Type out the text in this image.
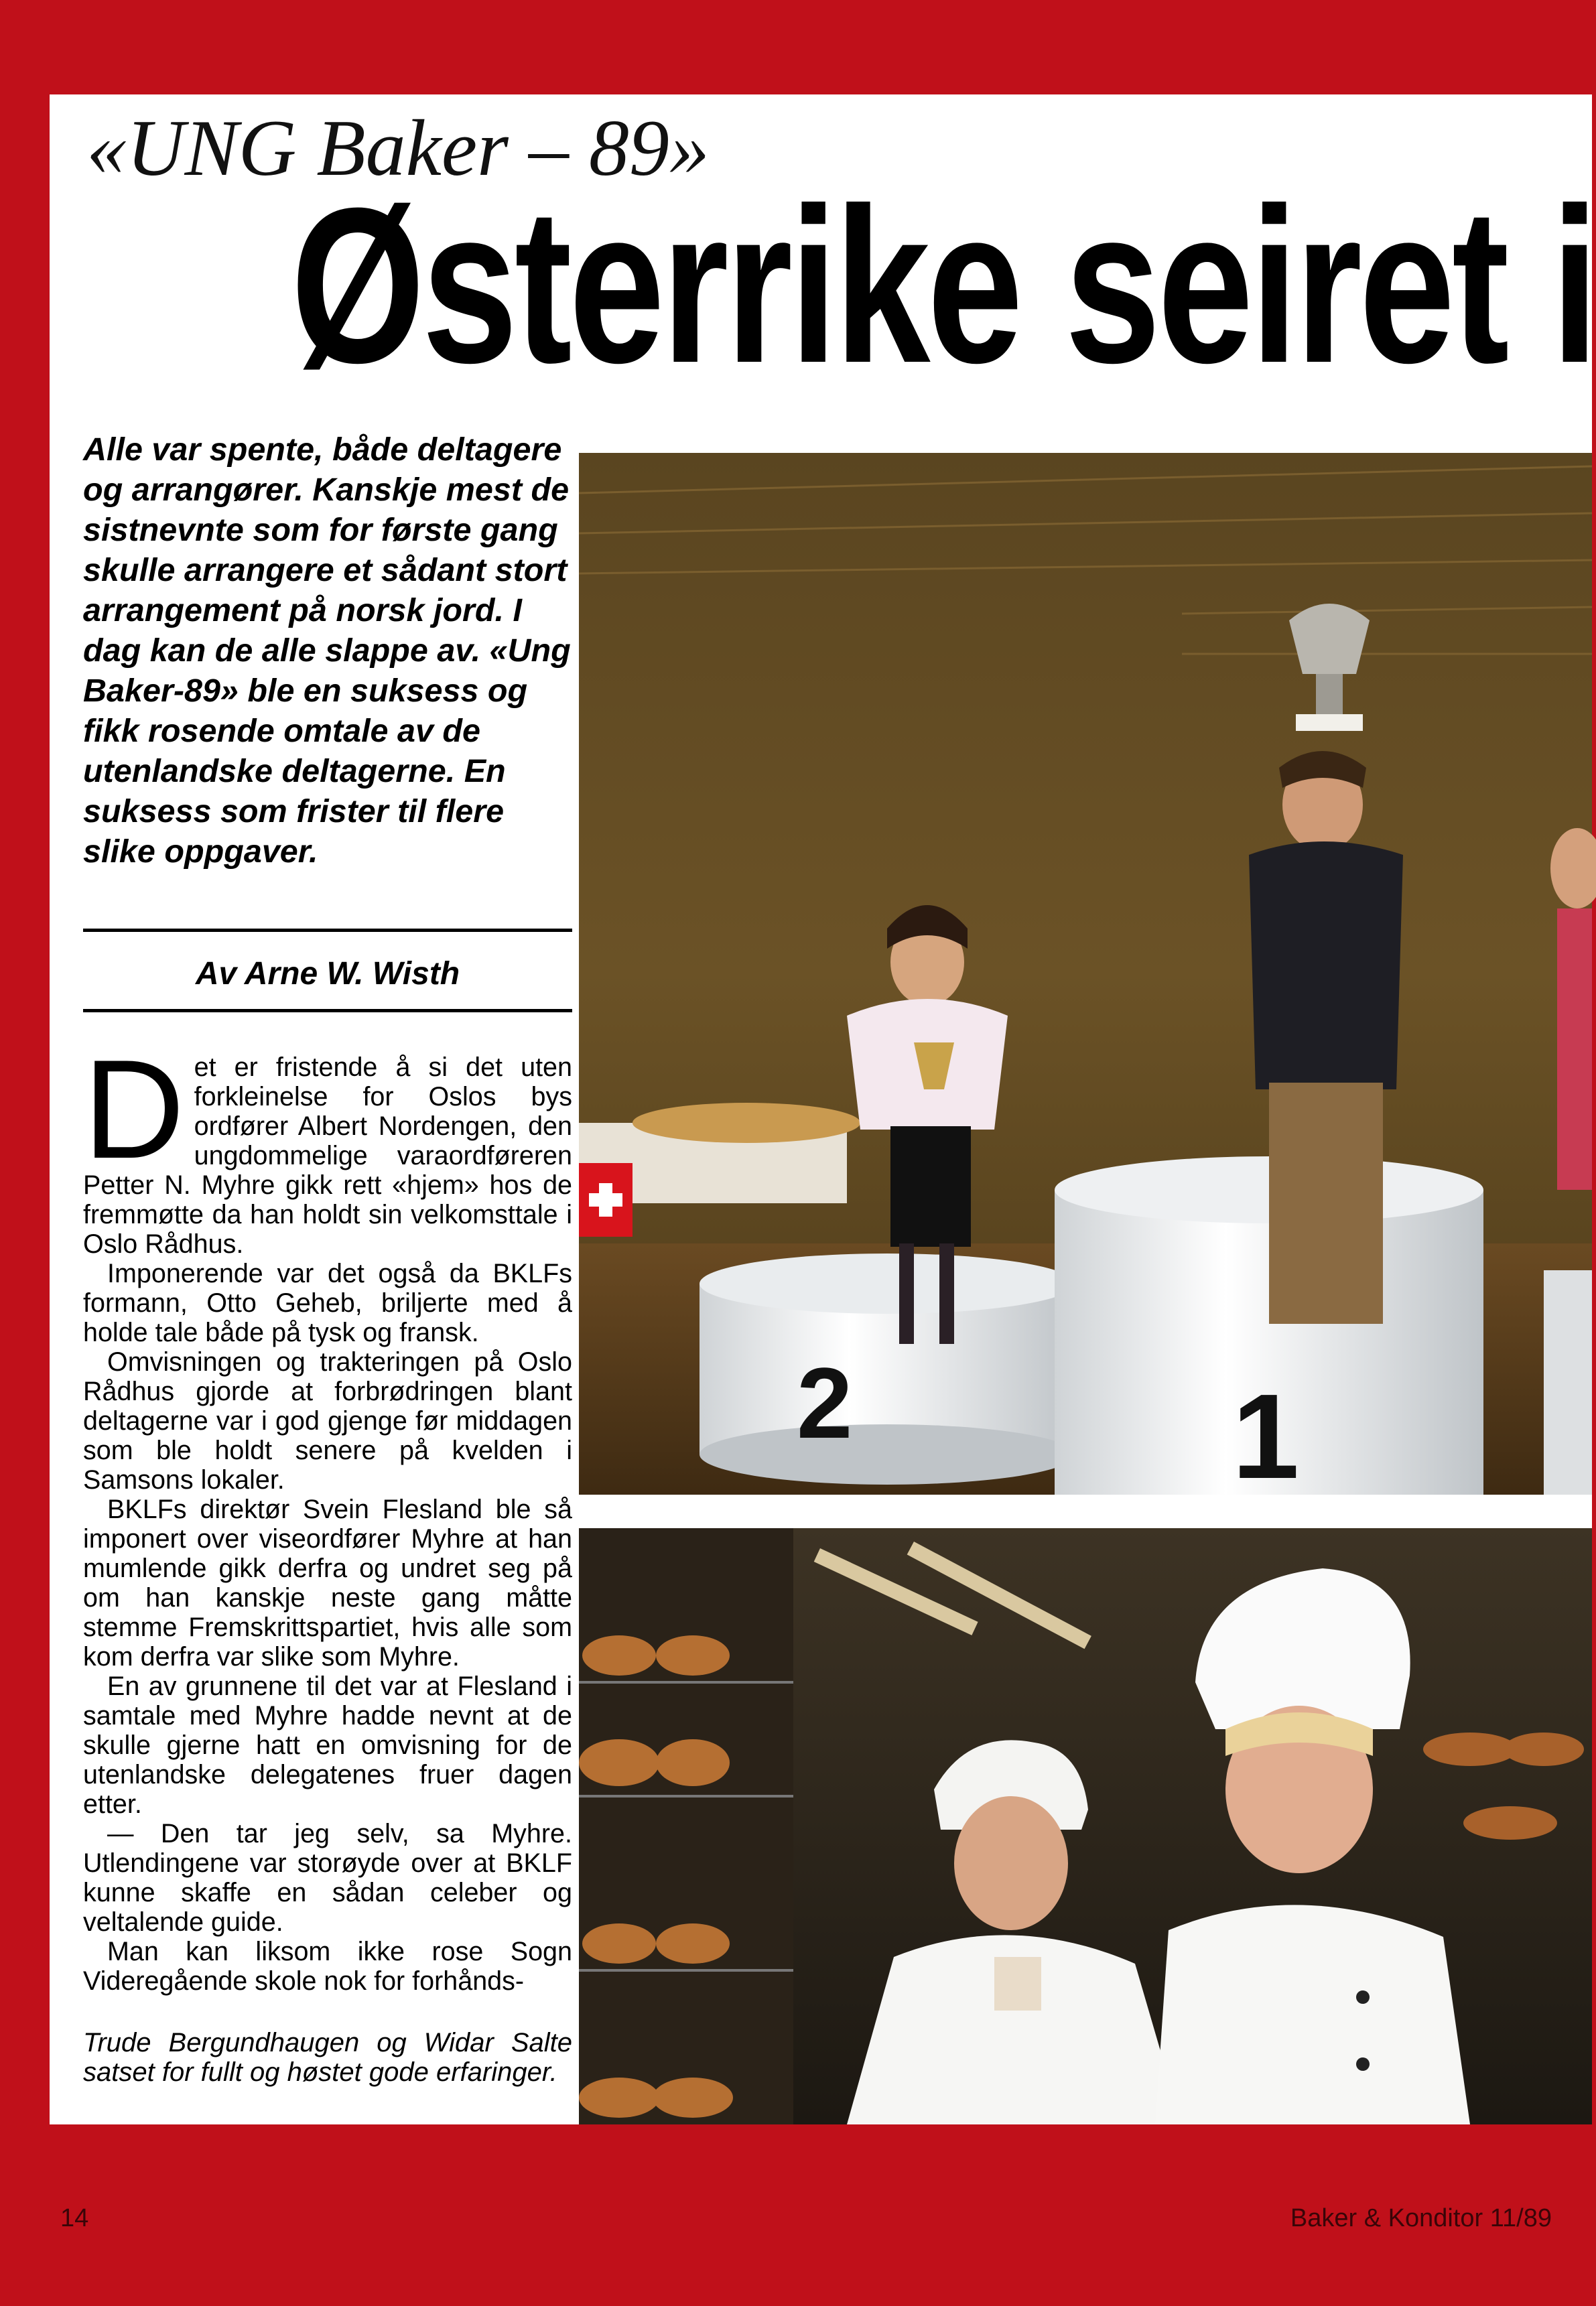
«UNG Baker – 89»
Østerrike seiret i

Alle var spente, både deltagere og arrangører. Kanskje mest de sistnevnte som for første gang skulle arrangere et sådant stort arrangement på norsk jord. I dag kan de alle slappe av. «Ung Baker-89» ble en suksess og fikk rosende omtale av de utenlandske deltagerne. En suksess som frister til flere slike oppgaver.

Av Arne W. Wisth

Det er fristende å si det uten forkleinelse for Oslos bys ordfører Albert Nordengen, den ungdommelige varaordføreren Petter N. Myhre gikk rett «hjem» hos de fremmøtte da han holdt sin velkomsttale i Oslo Rådhus.

Imponerende var det også da BKLFs formann, Otto Geheb, briljerte med å holde tale både på tysk og fransk.

Omvisningen og trakteringen på Oslo Rådhus gjorde at forbrødringen blant deltagerne var i god gjenge før middagen som ble holdt senere på kvelden i Samsons lokaler.

BKLFs direktør Svein Flesland ble så imponert over viseordfører Myhre at han mumlende gikk derfra og undret seg på om han kanskje neste gang måtte stemme Fremskrittspartiet, hvis alle som kom derfra var slike som Myhre.

En av grunnene til det var at Flesland i samtale med Myhre hadde nevnt at de skulle gjerne hatt en omvisning for de utenlandske delegatenes fruer dagen etter.

— Den tar jeg selv, sa Myhre. Utlendingene var storøyde over at BKLF kunne skaffe en sådan celeber og veltalende guide.

Man kan liksom ikke rose Sogn Videregående skole nok for forhånds-

Trude Bergundhaugen og Widar Salte satset for fullt og høstet gode erfaringer.
2	1
14	Baker & Konditor 11/89
